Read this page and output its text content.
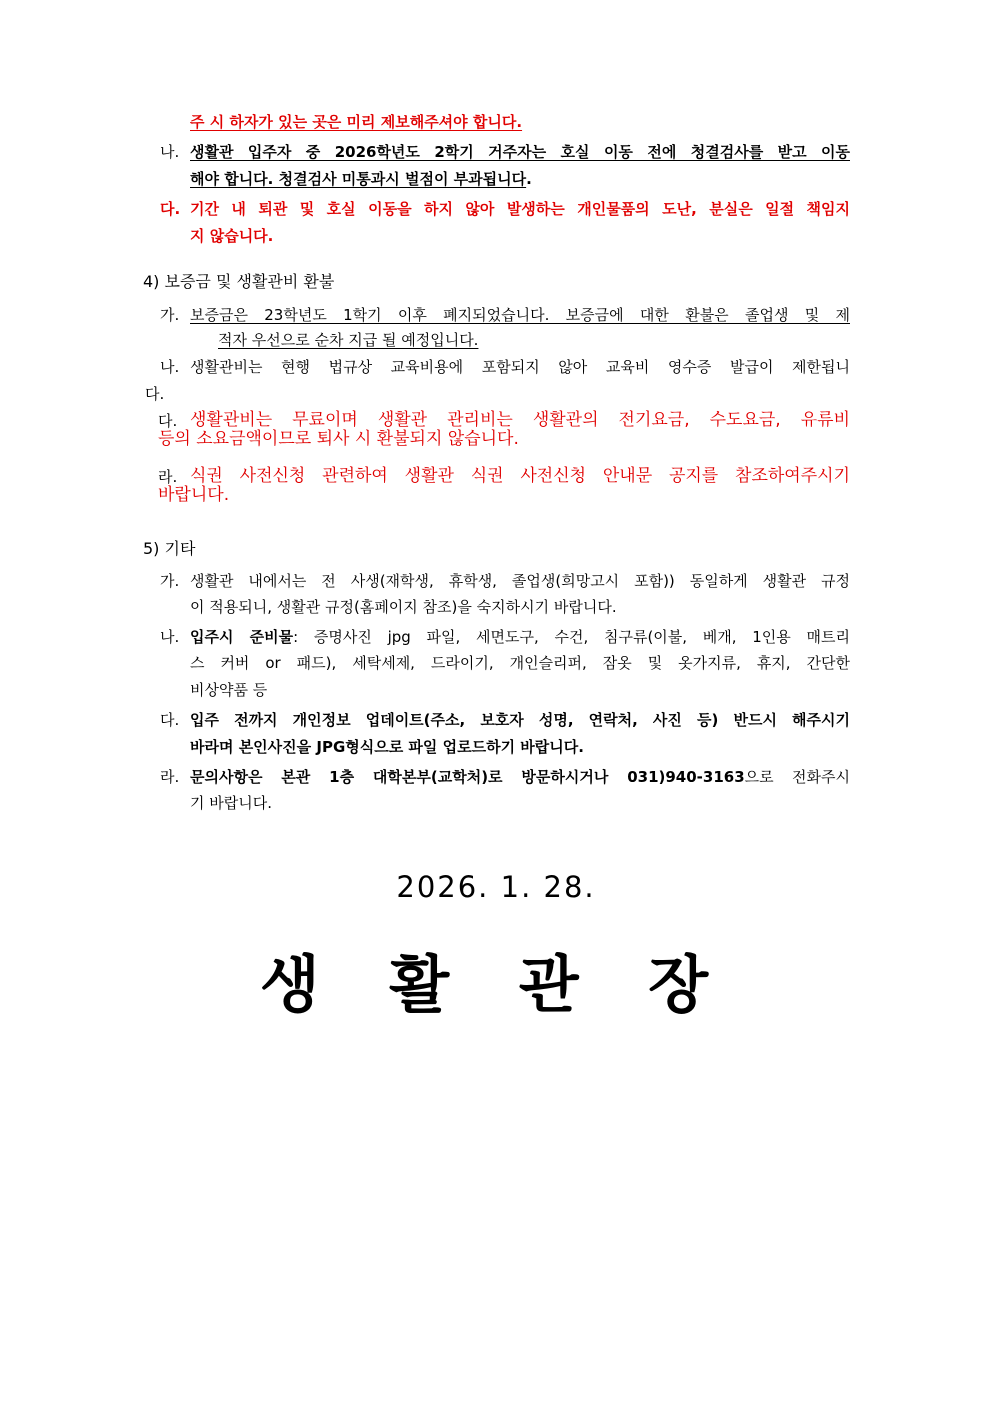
주 시 하자가 있는 곳은 미리 제보해주셔야 합니다.
나. 생활관 입주자 중 2026학년도 2학기 거주자는 호실 이동 전에 청결검사를 받고 이동
해야 합니다. 청결검사 미통과시 벌점이 부과됩니다.
다. 기간 내 퇴관 및 호실 이동을 하지 않아 발생하는 개인물품의 도난, 분실은 일절 책임지
지 않습니다.
4) 보증금 및 생활관비 환불
가. 보증금은 23학년도 1학기 이후 폐지되었습니다. 보증금에 대한 환불은 졸업생 및 제
적자 우선으로 순차 지급 될 예정입니다.
나. 생활관비는 현행 법규상 교육비용에 포함되지 않아 교육비 영수증 발급이 제한됩니
다.
다. 생활관비는 무료이며 생활관 관리비는 생활관의 전기요금, 수도요금, 유류비
등의 소요금액이므로 퇴사 시 환불되지 않습니다.
라. 식권 사전신청 관련하여 생활관 식권 사전신청 안내문 공지를 참조하여주시기
바랍니다.
5) 기타
가. 생활관 내에서는 전 사생(재학생, 휴학생, 졸업생(희망고시 포함)) 동일하게 생활관 규정
이 적용되니, 생활관 규정(홈페이지 참조)을 숙지하시기 바랍니다.
나. 입주시 준비물: 증명사진 jpg 파일, 세면도구, 수건, 침구류(이불, 베개, 1인용 매트리
스 커버 or 패드), 세탁세제, 드라이기, 개인슬리퍼, 잠옷 및 옷가지류, 휴지, 간단한
비상약품 등
다. 입주 전까지 개인정보 업데이트(주소, 보호자 성명, 연락처, 사진 등) 반드시 해주시기
바라며 본인사진을 JPG형식으로 파일 업로드하기 바랍니다.
라. 문의사항은 본관 1층 대학본부(교학처)로 방문하시거나 031)940-3163으로 전화주시
기 바랍니다.
2026. 1. 28.
생 활 관 장
